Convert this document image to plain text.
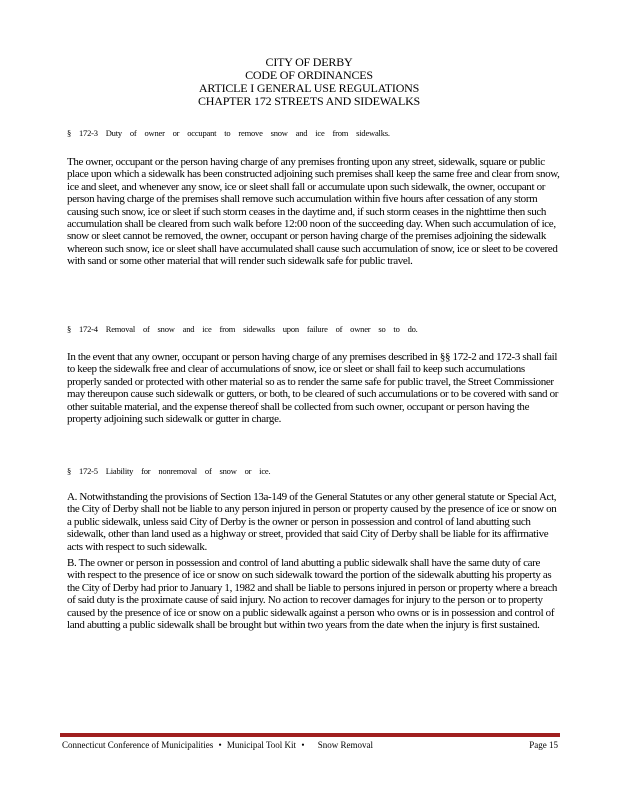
CITY OF DERBY
CODE OF ORDINANCES
ARTICLE I GENERAL USE REGULATIONS
CHAPTER 172 STREETS AND SIDEWALKS
§ 172-3 Duty of owner or occupant to remove snow and ice from sidewalks.

The owner, occupant or the person having charge of any premises fronting upon any street, sidewalk, square or public place upon which a sidewalk has been constructed adjoining such premises shall keep the same free and clear from snow, ice and sleet, and whenever any snow, ice or sleet shall fall or accumulate upon such sidewalk, the owner, occupant or person having charge of the premises shall remove such accumulation within five hours after cessation of any storm causing such snow, ice or sleet if such storm ceases in the daytime and, if such storm ceases in the nighttime then such accumulation shall be cleared from such walk before 12:00 noon of the succeeding day. When such accumulation of ice, snow or sleet cannot be removed, the owner, occupant or person having charge of the premises adjoining the sidewalk whereon such snow, ice or sleet shall have accumulated shall cause such accumulation of snow, ice or sleet to be covered with sand or some other material that will render such sidewalk safe for public travel.

§ 172-4 Removal of snow and ice from sidewalks upon failure of owner so to do.

In the event that any owner, occupant or person having charge of any premises described in §§ 172-2 and 172-3 shall fail to keep the sidewalk free and clear of accumulations of snow, ice or sleet or shall fail to keep such accumulations properly sanded or protected with other material so as to render the same safe for public travel, the Street Commissioner may thereupon cause such sidewalk or gutters, or both, to be cleared of such accumulations or to be covered with sand or other suitable material, and the expense thereof shall be collected from such owner, occupant or person having the property adjoining such sidewalk or gutter in charge.

§ 172-5 Liability for nonremoval of snow or ice.

A. Notwithstanding the provisions of Section 13a-149 of the General Statutes or any other general statute or Special Act, the City of Derby shall not be liable to any person injured in person or property caused by the presence of ice or snow on a public sidewalk, unless said City of Derby is the owner or person in possession and control of land abutting such sidewalk, other than land used as a highway or street, provided that said City of Derby shall be liable for its affirmative acts with respect to such sidewalk.

B. The owner or person in possession and control of land abutting a public sidewalk shall have the same duty of care with respect to the presence of ice or snow on such sidewalk toward the portion of the sidewalk abutting his property as the City of Derby had prior to January 1, 1982 and shall be liable to persons injured in person or property where a breach of said duty is the proximate cause of said injury. No action to recover damages for injury to the person or to property caused by the presence of ice or snow on a public sidewalk against a person who owns or is in possession and control of land abutting a public sidewalk shall be brought but within two years from the date when the injury is first sustained.

Connecticut Conference of Municipalities • Municipal Tool Kit • Snow Removal	Page 15
